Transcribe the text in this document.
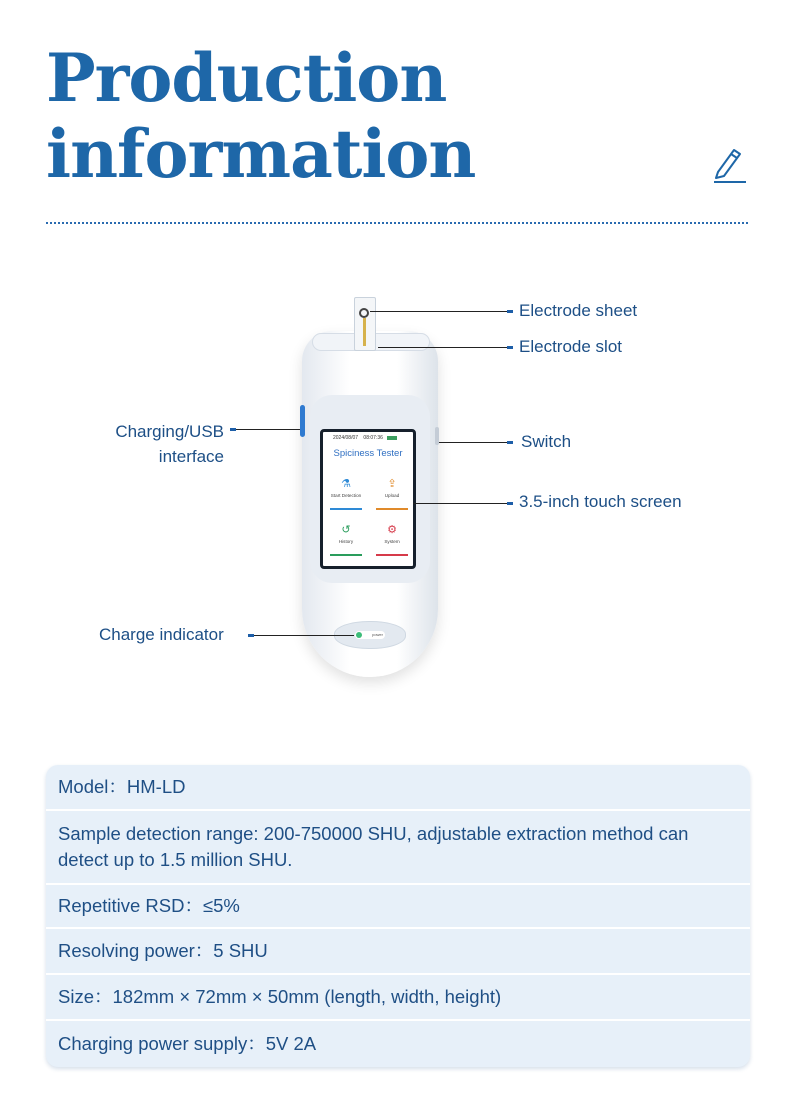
Production
information
2024/08/07 08:07:36
Spiciness Tester
⚗
Start Detection
⇪
Upload
↺
History
⚙
System
power
Electrode sheet
Electrode slot
Charging/USB
interface
Switch
3.5-inch touch screen
Charge indicator
Model：HM-LD
Sample detection range: 200-750000 SHU, adjustable extraction method can detect up to 1.5 million SHU.
Repetitive RSD：≤5%
Resolving power：5 SHU
Size：182mm × 72mm × 50mm (length, width, height)
Charging power supply：5V 2A
